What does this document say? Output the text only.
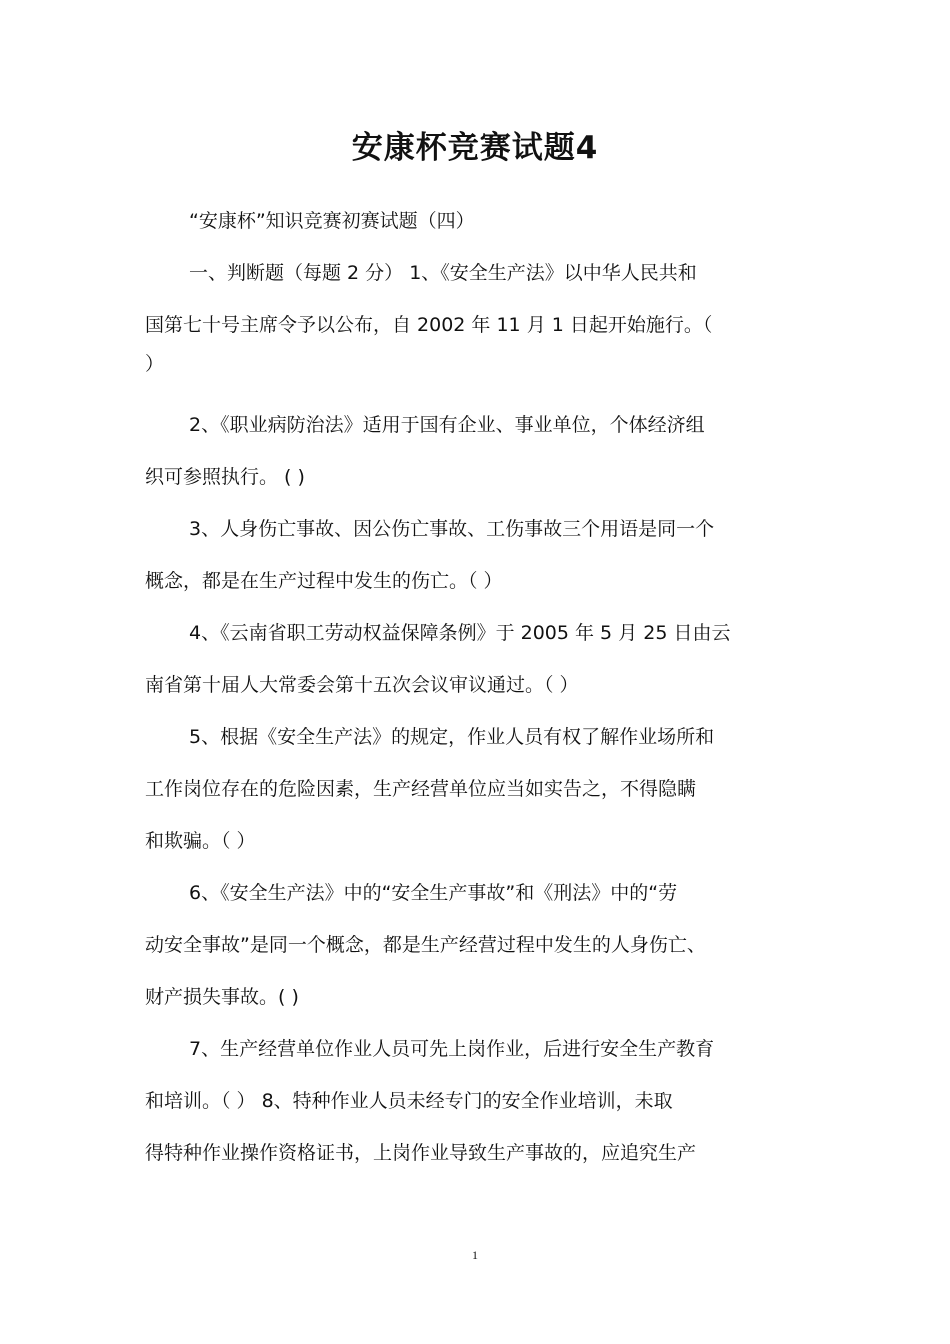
安康杯竞赛试题4
“安康杯”知识竞赛初赛试题（四）
一、判断题（每题 2 分） 1、《安全生产法》以中华人民共和
国第七十号主席令予以公布，自 2002 年 11 月 1 日起开始施行。（
）
2、《职业病防治法》适用于国有企业、事业单位，个体经济组
织可参照执行。 ( )
3、人身伤亡事故、因公伤亡事故、工伤事故三个用语是同一个
概念，都是在生产过程中发生的伤亡。（ ）
4、《云南省职工劳动权益保障条例》于 2005 年 5 月 25 日由云
南省第十届人大常委会第十五次会议审议通过。（ ）
5、根据《安全生产法》的规定，作业人员有权了解作业场所和
工作岗位存在的危险因素，生产经营单位应当如实告之，不得隐瞒
和欺骗。（ ）
6、《安全生产法》中的“安全生产事故”和《刑法》中的“劳
动安全事故”是同一个概念，都是生产经营过程中发生的人身伤亡、
财产损失事故。( )
7、生产经营单位作业人员可先上岗作业，后进行安全生产教育
和培训。（ ） 8、特种作业人员未经专门的安全作业培训，未取
得特种作业操作资格证书，上岗作业导致生产事故的，应追究生产
1
